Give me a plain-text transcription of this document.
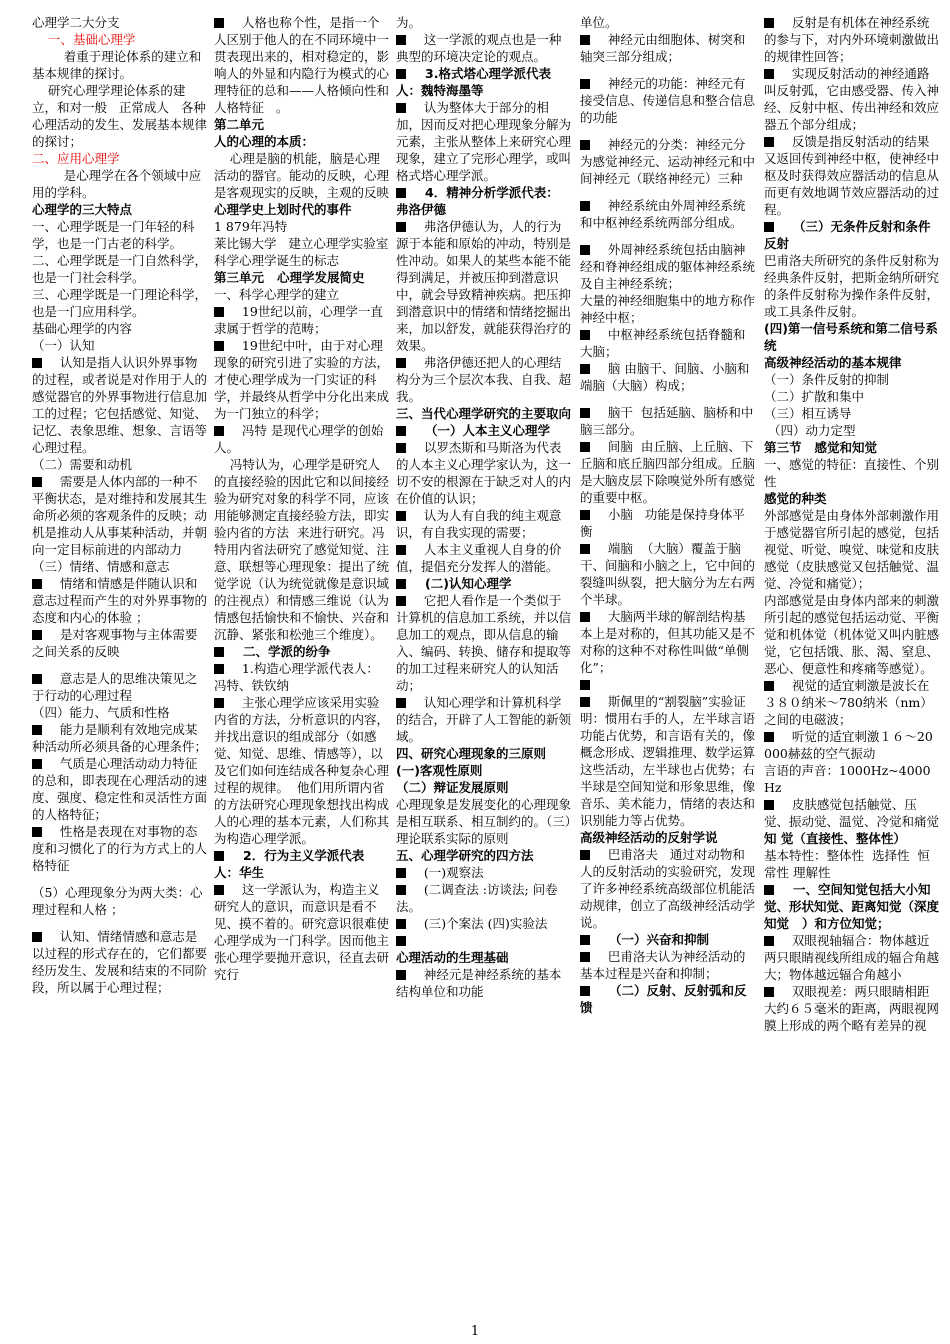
心理学二大分支

一、基础心理学

着重于理论体系的建立和基本规律的探讨。

研究心理学理论体系的建立，和对一般   正常成人   各种心理活动的发生、发展基本规律的探讨；

二、应用心理学

是心理学在各个领域中应用的学科。

心理学的三大特点

一、心理学既是一门年轻的科学，也是一门古老的科学。

二、心理学既是一门自然科学，也是一门社会科学。

三、心理学既是一门理论科学，也是一门应用科学。

基础心理学的内容

（一）认知

认知是指人认识外界事物的过程，或者说是对作用于人的感觉器官的外界事物进行信息加工的过程；它包括感觉、知觉、记忆、表象思维、想象、言语等心理过程。

（二）需要和动机

需要是人体内部的一种不平衡状态，是对维持和发展其生命所必须的客观条件的反映；动机是推动人从事某种活动，并朝向一定目标前进的内部动力

（三）情绪、情感和意志

情绪和情感是伴随认识和意志过程而产生的对外界事物的态度和内心的体验 ；

是对客观事物与主体需要之间关系的反映

意志是人的思维决策见之于行动的心理过程

（四）能力、气质和性格

能力是顺利有效地完成某种活动所必须具备的心理条件；

气质是心理活动动力特征的总和，即表现在心理活动的速度、强度、稳定性和灵活性方面的人格特征；

性格是表现在对事物的态度和习惯化了的行为方式上的人格特征

（5）心理现象分为两大类：心理过程和人格 ；

认知、情绪情感和意志是以过程的形式存在的，它们都要经历发生、发展和结束的不同阶段，所以属于心理过程；

人格也称个性，是指一个人区别于他人的在不同环境中一贯表现出来的，相对稳定的，影响人的外显和内隐行为模式的心理特征的总和——人格倾向性和人格特征   。

第二单元

人的心理的本质：

心理是脑的机能，脑是心理活动的器官。能动的反映，心理是客观现实的反映，主观的反映

心理学史上划时代的事件

1 879年冯特

莱比锡大学   建立心理学实验室

科学心理学诞生的标志

第三单元   心理学发展简史

一、科学心理学的建立

19世纪以前，心理学一直隶属于哲学的范畴；

19世纪中叶，由于对心理现象的研究引进了实验的方法，才使心理学成为一门实证的科学，并最终从哲学中分化出来成为一门独立的科学；

冯特 是现代心理学的创始人。

冯特认为，心理学是研究人的直接经验的因此它和以间接经验为研究对象的科学不同，应该用能够测定直接经验方法，即实验内省的方法  来进行研究。冯特用内省法研究了感觉知觉、注意、联想等心理现象：提出了统觉学说（认为统觉就像是意识域的注视点）和情感三维说（认为情感包括愉快和不愉快、兴奋和沉静、紧张和松弛三个维度）。

二、学派的纷争

1.构造心理学派代表人：冯特、铁钦纳

主张心理学应该采用实验内省的方法，分析意识的内容，并找出意识的组成部分（如感觉、知觉、思维、情感等），以及它们如何连结成各种复杂心理过程的规律。  他们用所谓内省的方法研究心理现象想找出构成人的心理的基本元素，人们称其为构造心理学派。

2．行为主义学派代表人：华生

这一学派认为，构造主义研究人的意识，而意识是看不见、摸不着的。研究意识很难使心理学成为一门科学。因而他主张心理学要抛开意识，径直去研究行

为。

这一学派的观点也是一种典型的环境决定论的观点。

3.格式塔心理学派代表人：魏特海墨等

认为整体大于部分的相加，因而反对把心理现象分解为元素，主张从整体上来研究心理现象，建立了完形心理学，或叫格式塔心理学派。

4．精神分析学派代表：弗洛伊德

弗洛伊德认为，人的行为源于本能和原始的冲动，特别是性冲动。如果人的某些本能不能得到满足，并被压抑到潜意识中，就会导致精神疾病。把压抑到潜意识中的情绪和情绪挖掘出来，加以舒发，就能获得治疗的效果。

弗洛伊德还把人的心理结构分为三个层次本我、自我、超我。

三、当代心理学研究的主要取向

（一）人本主义心理学

以罗杰斯和马斯洛为代表的人本主义心理学家认为，这一切不安的根源在于缺乏对人的内在价值的认识；

认为人有自我的纯主观意识，有自我实现的需要；

人本主义重视人自身的价值，提倡充分发挥人的潜能。

(二)认知心理学

它把人看作是一个类似于计算机的信息加工系统，并以信息加工的观点，即从信息的输入、编码、转换、储存和提取等的加工过程来研究人的认知活动；

认知心理学和计算机科学的结合，开辟了人工智能的新领域。

四、研究心理现象的三原则

(一)客观性原则

（二）辩证发展原则

心理现象是发展变化的心理现象是相互联系、相互制约的。（三）理论联系实际的原则

五、心理学研究的四方法

(一)观察法

(二调查法 :访谈法; 问卷法。

(三)个案法 (四)实验法

心理活动的生理基础

神经元是神经系统的基本结构单位和功能

单位。

神经元由细胞体、树突和轴突三部分组成；

神经元的功能：神经元有接受信息、传递信息和整合信息的功能

神经元的分类：神经元分为感觉神经元、运动神经元和中间神经元（联络神经元）三种

神经系统由外周神经系统和中枢神经系统两部分组成。

外周神经系统包括由脑神经和脊神经组成的躯体神经系统及自主神经系统；

大量的神经细胞集中的地方称作神经中枢；

中枢神经系统包括脊髓和大脑；

脑 由脑干、间脑、小脑和端脑（大脑）构成；

脑干  包括延脑、脑桥和中脑三部分。

间脑  由丘脑、上丘脑、下丘脑和底丘脑四部分组成。丘脑是大脑皮层下除嗅觉外所有感觉的重要中枢。

小脑   功能是保持身体平衡

端脑  （大脑）覆盖于脑干、间脑和小脑之上，它中间的裂缝叫纵裂，把大脑分为左右两个半球。

大脑两半球的解剖结构基本上是对称的，但其功能又是不对称的这种不对称性叫做“单侧化”；

斯佩里的“割裂脑”实验证明：惯用右手的人，左半球言语功能占优势，和言语有关的，像概念形成、逻辑推理、数学运算这些活动，左半球也占优势；右半球是空间知觉和形象思维，像音乐、美术能力，情绪的表达和识别能力等占优势。

高级神经活动的反射学说

巴甫洛夫   通过对动物和人的反射活动的实验研究，发现了许多神经系统高级部位机能活动规律，创立了高级神经活动学说。

（一）兴奋和抑制

巴甫洛夫认为神经活动的基本过程是兴奋和抑制；

（二）反射、反射弧和反馈

反射是有机体在神经系统的参与下，对内外环境刺激做出的规律性回答；

实现反射活动的神经通路叫反射弧，它由感受器、传入神经、反射中枢、传出神经和效应器五个部分组成；

反馈是指反射活动的结果又返回传到神经中枢，使神经中枢及时获得效应器活动的信息从而更有效地调节效应器活动的过程。

（三）无条件反射和条件反射

巴甫洛夫所研究的条件反射称为经典条件反射，把斯金纳所研究的条件反射称为操作条件反射，或工具条件反射。

(四)第一信号系统和第二信号系统

高级神经活动的基本规律

（一）条件反射的抑制

（二）扩散和集中

（三）相互诱导

（四）动力定型

第三节   感觉和知觉

一、感觉的特征：直接性、个别性

感觉的种类

外部感觉是由身体外部刺激作用于感觉器官所引起的感觉，包括视觉、听觉、嗅觉、味觉和皮肤感觉（皮肤感觉又包括触觉、温觉、冷觉和痛觉）；

内部感觉是由身体内部来的刺激所引起的感觉包括运动觉、平衡觉和机体觉（机体觉又叫内脏感觉，它包括饿、胀、渴、窒息、恶心、便意性和疼痛等感觉）。

视觉的适宜刺激是波长在３８０纳米～780纳米（nm）之间的电磁波；

听觉的适宜刺激１６～20000赫兹的空气振动

言语的声音：1000Hz~4000Hz

皮肤感觉包括触觉、压觉、振动觉、温觉、冷觉和痛觉

知 觉（直接性、整体性）

基本特性：整体性  选择性  恒常性 理解性

一、空间知觉包括大小知觉、形状知觉、距离知觉（深度知觉   ）和方位知觉；

双眼视轴辐合：物体越近两只眼睛视线所组成的辐合角越大；物体越远辐合角越小

双眼视差：两只眼睛相距大约６５毫米的距离，两眼视网膜上形成的两个略有差异的视

1
